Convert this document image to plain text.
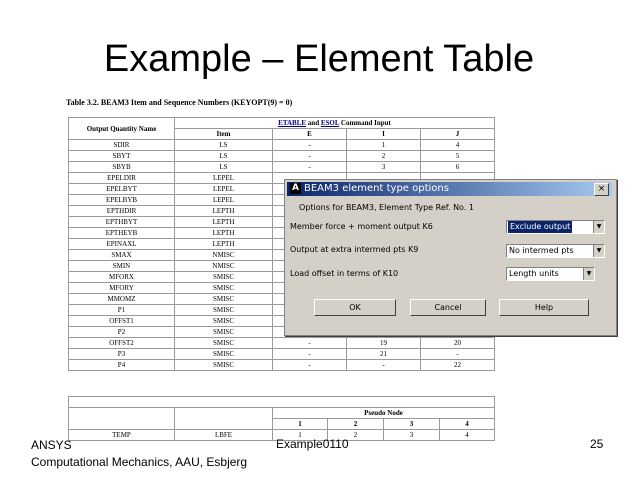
Example – Element Table
Table 3.2. BEAM3 Item and Sequence Numbers (KEYOPT(9) = 0)
Output Quantity Name	ETABLE and ESOL Command Input			
	Item	E	I	J
SDIR	LS	-	1	4
SBYT	LS	-	2	5
SBYB	LS	-	3	6
EPELDIR	LEPEL			
EPELBYT	LEPEL			
EPELBYB	LEPEL			
EPTHDIR	LEPTH			
EPTHBYT	LEPTH			
EPTHEYB	LEPTH			
EPINAXL	LEPTH			
SMAX	NMISC			
SMIN	NMISC			
MFORX	SMISC			
MFORY	SMISC			
MMOMZ	SMISC			
P1	SMISC			
OFFST1	SMISC			
P2	SMISC			
OFFST2	SMISC	-	19	20
P3	SMISC	-	21	-
P4	SMISC	-	-	22

		Pseudo Node			
		1	2	3	4
TEMP	LBFE	1	2	3	4
A BEAM3 element type options	×
Options for BEAM3, Element Type Ref. No. 1
Member force + moment output K6	Exclude output	▼
Output at extra intermed pts K9	No intermed pts	▼
Load offset in terms of K10	Length units	▼
OK	Cancel	Help
ANSYS
Computational Mechanics, AAU, Esbjerg
Example0110	25
